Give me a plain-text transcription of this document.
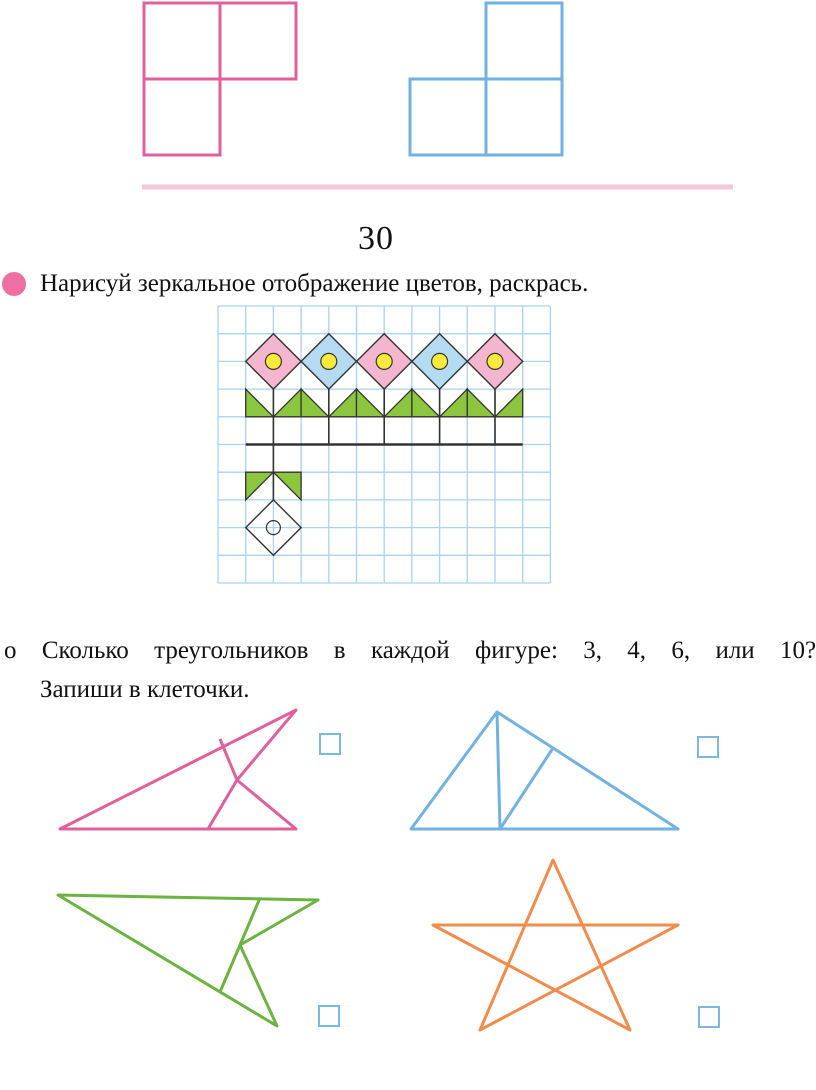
30
Нарисуй зеркальное отображение цветов, раскрась.
о Сколько треугольников в каждой фигуре: 3, 4, 6, или 10?
Запиши в клеточки.
